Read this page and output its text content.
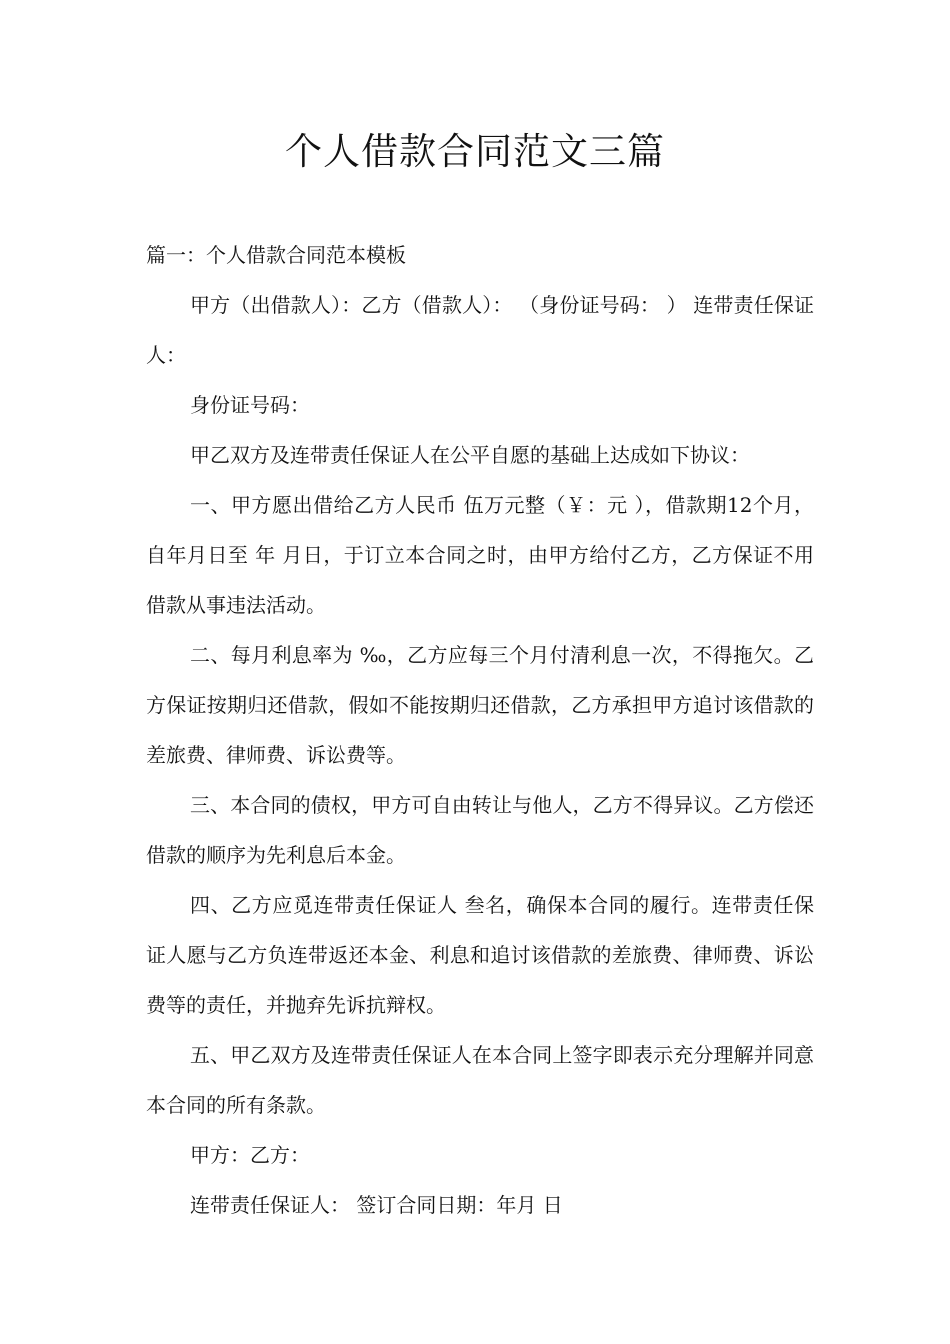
个人借款合同范文三篇

篇一：个人借款合同范本模板

甲方（出借款人）：乙方（借款人）： （身份证号码： ） 连带责任保证人：

身份证号码：

甲乙双方及连带责任保证人在公平自愿的基础上达成如下协议：

一、甲方愿出借给乙方人民币 伍万元整（￥：元 ），借款期12个月，自年月日至 年 月日，于订立本合同之时，由甲方给付乙方，乙方保证不用借款从事违法活动。

二、每月利息率为 ‰，乙方应每三个月付清利息一次，不得拖欠。乙方保证按期归还借款，假如不能按期归还借款，乙方承担甲方追讨该借款的差旅费、律师费、诉讼费等。

三、本合同的债权，甲方可自由转让与他人，乙方不得异议。乙方偿还借款的顺序为先利息后本金。

四、乙方应觅连带责任保证人 叁名，确保本合同的履行。连带责任保证人愿与乙方负连带返还本金、利息和追讨该借款的差旅费、律师费、诉讼费等的责任，并抛弃先诉抗辩权。

五、甲乙双方及连带责任保证人在本合同上签字即表示充分理解并同意本合同的所有条款。

甲方：乙方：

连带责任保证人： 签订合同日期：年月 日
